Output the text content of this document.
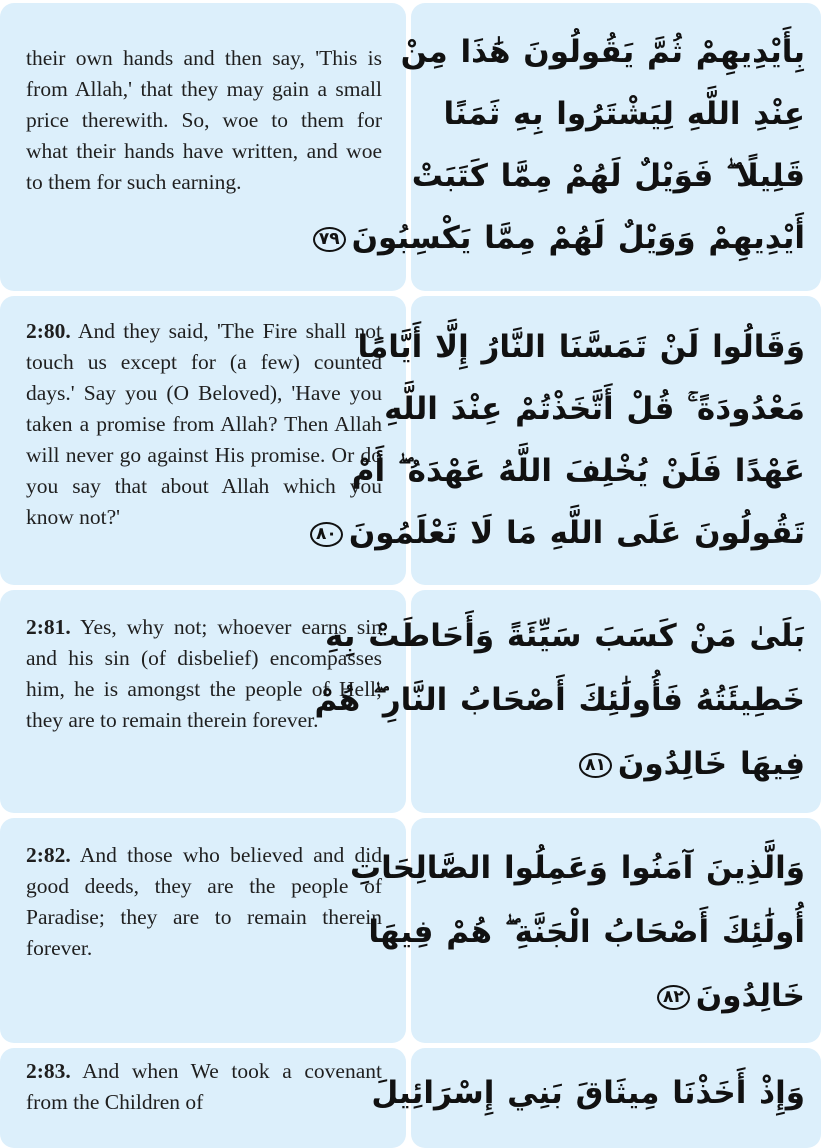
their own hands and then say, 'This is from Allah,' that they may gain a small price therewith. So, woe to them for what their hands have written, and woe to them for such earning.
بِأَيْدِيهِمْ ثُمَّ يَقُولُونَ هَٰذَا مِنْ
عِنْدِ اللَّهِ لِيَشْتَرُوا بِهِ ثَمَنًا
قَلِيلًا ۖ فَوَيْلٌ لَهُمْ مِمَّا كَتَبَتْ
أَيْدِيهِمْ وَوَيْلٌ لَهُمْ مِمَّا يَكْسِبُونَ٧٩
2:80. And they said, 'The Fire shall not touch us except for (a few) counted days.' Say you (O Beloved), 'Have you taken a promise from Allah? Then Allah will never go against His promise. Or do you say that about Allah which you know not?'
وَقَالُوا لَنْ تَمَسَّنَا النَّارُ إِلَّا أَيَّامًا
مَعْدُودَةً ۚ قُلْ أَتَّخَذْتُمْ عِنْدَ اللَّهِ
عَهْدًا فَلَنْ يُخْلِفَ اللَّهُ عَهْدَهُ ۖ أَمْ
تَقُولُونَ عَلَى اللَّهِ مَا لَا تَعْلَمُونَ٨٠
2:81. Yes, why not; whoever earns sin and his sin (of disbelief) encompasses him, he is amongst the people of Hell; they are to remain therein forever.
بَلَىٰ مَنْ كَسَبَ سَيِّئَةً وَأَحَاطَتْ بِهِ
خَطِيئَتُهُ فَأُولَٰئِكَ أَصْحَابُ النَّارِ ۖ هُمْ
فِيهَا خَالِدُونَ٨١
2:82. And those who believed and did good deeds, they are the people of Paradise; they are to remain therein forever.
وَالَّذِينَ آمَنُوا وَعَمِلُوا الصَّالِحَاتِ
أُولَٰئِكَ أَصْحَابُ الْجَنَّةِ ۖ هُمْ فِيهَا
خَالِدُونَ٨٢
2:83. And when We took a covenant from the Children of	وَإِذْ أَخَذْنَا مِيثَاقَ بَنِي إِسْرَائِيلَ
